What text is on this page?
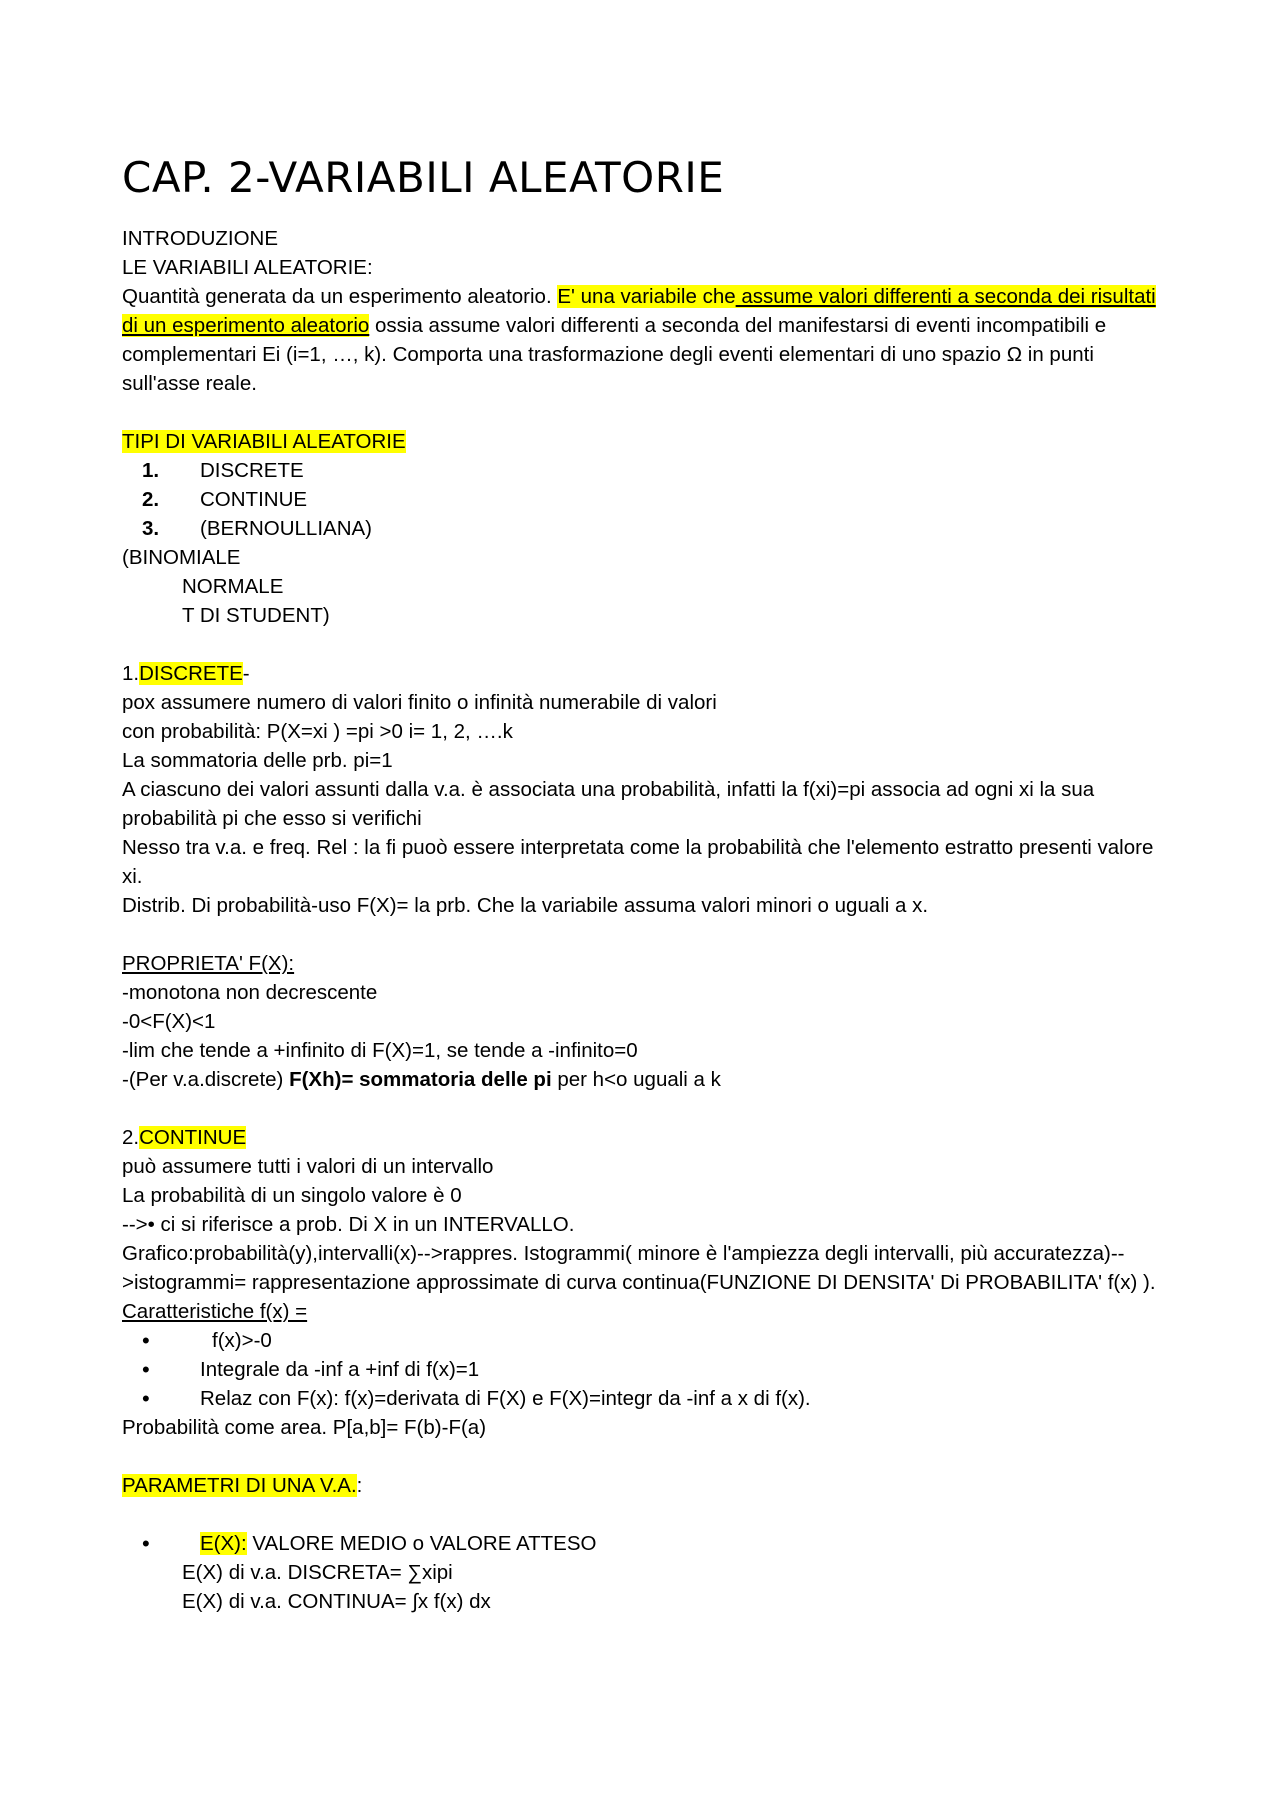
CAP. 2-VARIABILI ALEATORIE
INTRODUZIONE
LE VARIABILI ALEATORIE:
Quantità generata da un esperimento aleatorio. E' una variabile che assume valori differenti a seconda dei risultati di un esperimento aleatorio ossia assume valori differenti a seconda del manifestarsi di eventi incompatibili e complementari Ei (i=1, …, k). Comporta una trasformazione degli eventi elementari di uno spazio Ω in punti sull'asse reale.
TIPI DI VARIABILI ALEATORIE
1. DISCRETE
2. CONTINUE
3. (BERNOULLIANA)
(BINOMIALE
NORMALE
T DI STUDENT)
1.DISCRETE-
pox assumere numero di valori finito o infinità numerabile di valori
con probabilità: P(X=xi ) =pi >0 i= 1, 2, ….k
La sommatoria delle prb. pi=1
A ciascuno dei valori assunti dalla v.a. è associata una probabilità, infatti la f(xi)=pi associa ad ogni xi la sua probabilità pi che esso si verifichi
Nesso tra v.a. e freq. Rel : la fi puoò essere interpretata come la probabilità che l'elemento estratto presenti valore xi.
Distrib. Di probabilità-uso F(X)= la prb. Che la variabile assuma valori minori o uguali a x.
PROPRIETA' F(X):
-monotona non decrescente
-0<F(X)<1
-lim che tende a +infinito di F(X)=1, se tende a -infinito=0
-(Per v.a.discrete) F(Xh)= sommatoria delle pi per h<o uguali a k
2.CONTINUE
può assumere tutti i valori di un intervallo
La probabilità di un singolo valore è 0
-->• ci si riferisce a prob. Di X in un INTERVALLO.
Grafico:probabilità(y),intervalli(x)-->rappres. Istogrammi( minore è l'ampiezza degli intervalli, più accuratezza)-->istogrammi= rappresentazione approssimate di curva continua(FUNZIONE DI DENSITA' Di PROBABILITA' f(x) ).
Caratteristiche f(x) =
•	f(x)>-0
• Integrale da -inf a +inf di f(x)=1
• Relaz con F(x): f(x)=derivata di F(X) e F(X)=integr da -inf a x di f(x).
Probabilità come area. P[a,b]= F(b)-F(a)
PARAMETRI DI UNA V.A.:
• E(X): VALORE MEDIO o VALORE ATTESO
E(X) di v.a. DISCRETA= ∑xipi
E(X) di v.a. CONTINUA= ∫x f(x) dx
